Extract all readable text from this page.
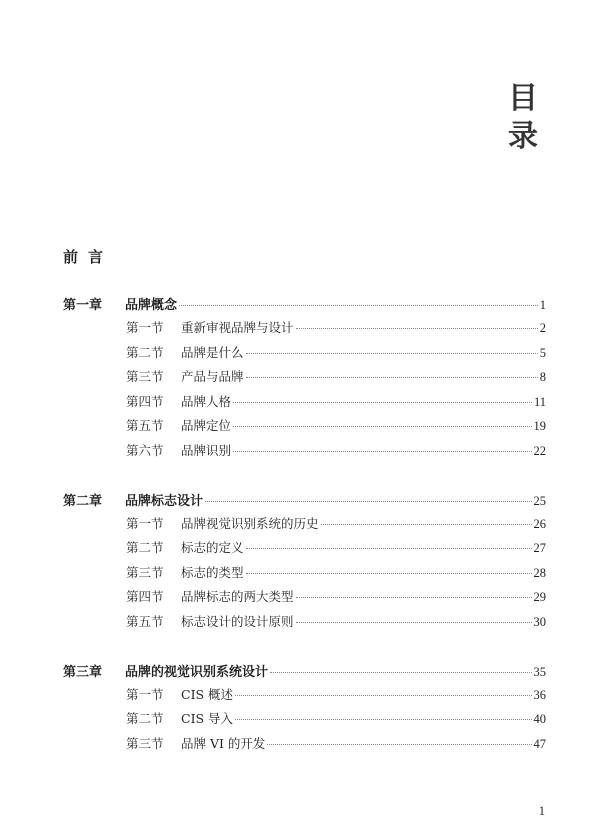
目录
前言
第一章	品牌概念	1
第一节	重新审视品牌与设计	2
第二节	品牌是什么	5
第三节	产品与品牌	8
第四节	品牌人格	11
第五节	品牌定位	19
第六节	品牌识别	22
第二章	品牌标志设计	25
第一节	品牌视觉识别系统的历史	26
第二节	标志的定义	27
第三节	标志的类型	28
第四节	品牌标志的两大类型	29
第五节	标志设计的设计原则	30
第三章	品牌的视觉识别系统设计	35
第一节	CIS 概述	36
第二节	CIS 导入	40
第三节	品牌 VI 的开发	47
1
